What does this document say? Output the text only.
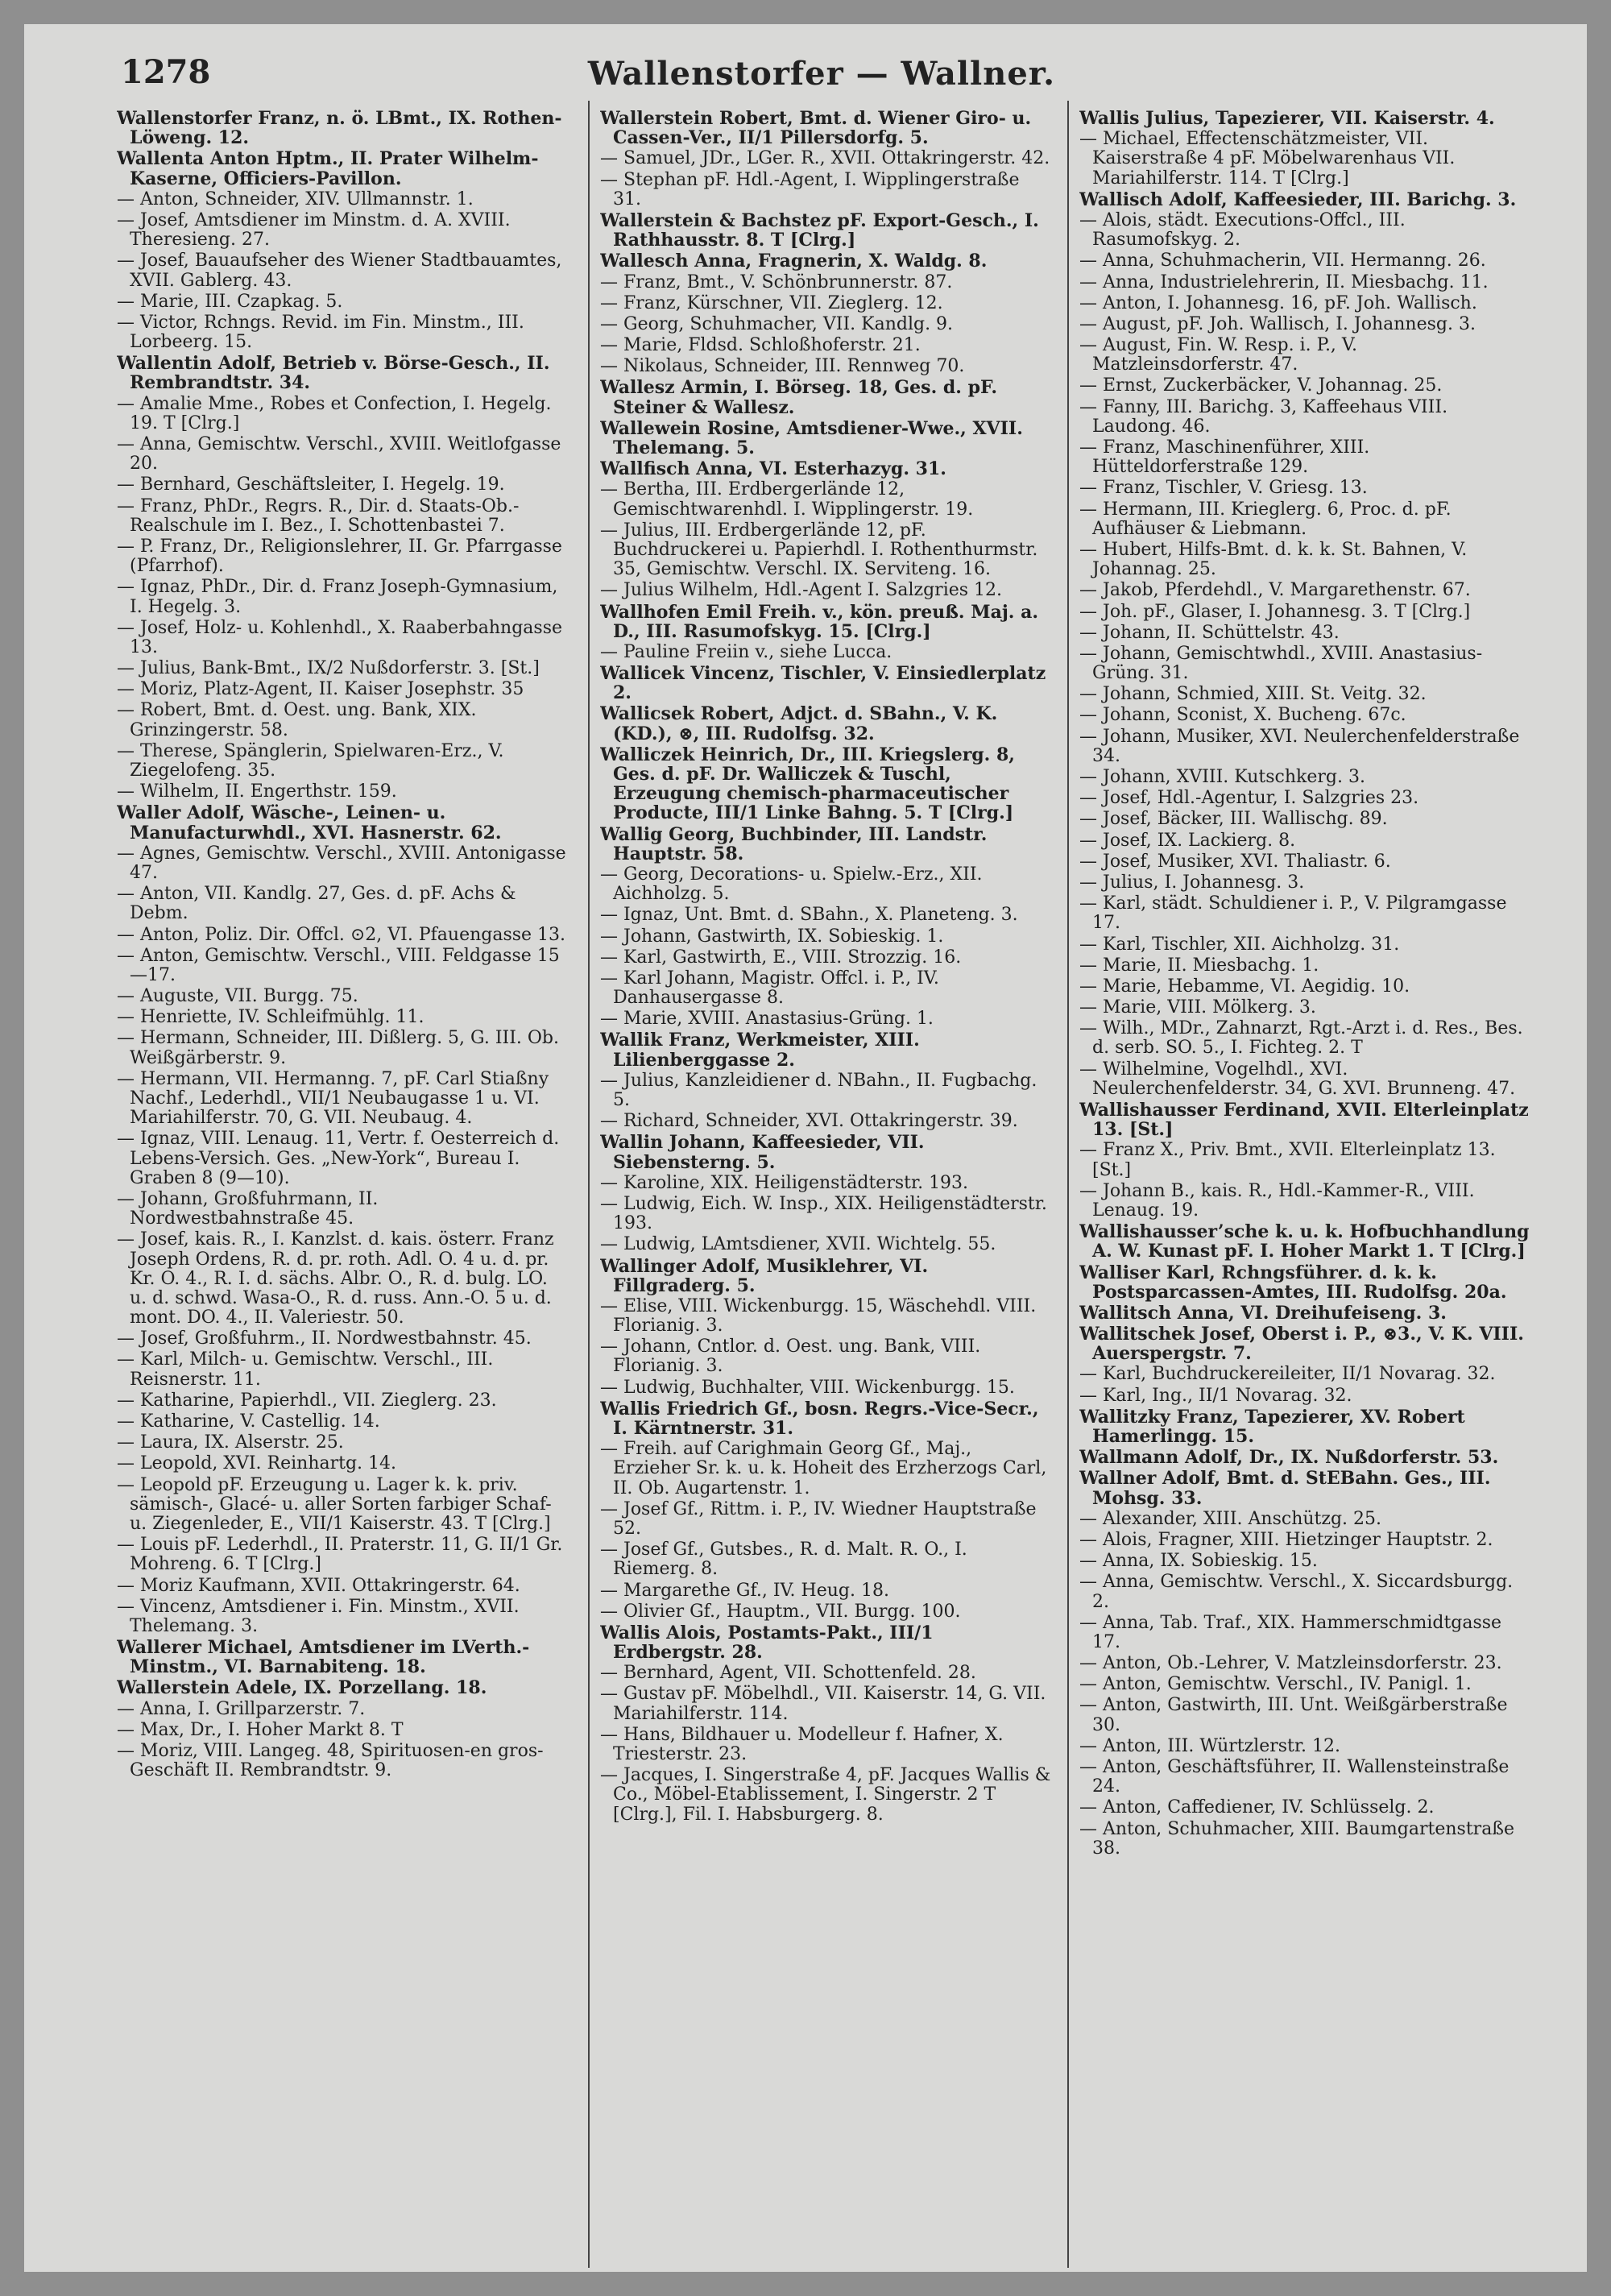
1278	Wallenstorfer — Wallner.
Wallenstorfer Franz, n. ö. LBmt., IX. Rothen-Löweng. 12.
Wallenta Anton Hptm., II. Prater Wilhelm-Kaserne, Officiers-Pavillon.
— Anton, Schneider, XIV. Ullmannstr. 1.
— Josef, Amtsdiener im Minstm. d. A. XVIII. Theresieng. 27.
— Josef, Bauaufseher des Wiener Stadtbauamtes, XVII. Gablerg. 43.
— Marie, III. Czapkag. 5.
— Victor, Rchngs. Revid. im Fin. Minstm., III. Lorbeerg. 15.
Wallentin Adolf, Betrieb v. Börse-Gesch., II. Rembrandtstr. 34.
— Amalie Mme., Robes et Confection, I. Hegelg. 19. T [Clrg.]
— Anna, Gemischtw. Verschl., XVIII. Weitlofgasse 20.
— Bernhard, Geschäftsleiter, I. Hegelg. 19.
— Franz, PhDr., Regrs. R., Dir. d. Staats-Ob.-Realschule im I. Bez., I. Schottenbastei 7.
— P. Franz, Dr., Religionslehrer, II. Gr. Pfarrgasse (Pfarrhof).
— Ignaz, PhDr., Dir. d. Franz Joseph-Gymnasium, I. Hegelg. 3.
— Josef, Holz- u. Kohlenhdl., X. Raaberbahngasse 13.
— Julius, Bank-Bmt., IX/2 Nußdorferstr. 3. [St.]
— Moriz, Platz-Agent, II. Kaiser Josephstr. 35
— Robert, Bmt. d. Oest. ung. Bank, XIX. Grinzingerstr. 58.
— Therese, Spänglerin, Spielwaren-Erz., V. Ziegelofeng. 35.
— Wilhelm, II. Engerthstr. 159.
Waller Adolf, Wäsche-, Leinen- u. Manufacturwhdl., XVI. Hasnerstr. 62.
— Agnes, Gemischtw. Verschl., XVIII. Antonigasse 47.
— Anton, VII. Kandlg. 27, Ges. d. pF. Achs & Debm.
— Anton, Poliz. Dir. Offcl. ⊙2, VI. Pfauengasse 13.
— Anton, Gemischtw. Verschl., VIII. Feldgasse 15—17.
— Auguste, VII. Burgg. 75.
— Henriette, IV. Schleifmühlg. 11.
— Hermann, Schneider, III. Dißlerg. 5, G. III. Ob. Weißgärberstr. 9.
— Hermann, VII. Hermanng. 7, pF. Carl Stiaßny Nachf., Lederhdl., VII/1 Neubaugasse 1 u. VI. Mariahilferstr. 70, G. VII. Neubaug. 4.
— Ignaz, VIII. Lenaug. 11, Vertr. f. Oesterreich d. Lebens-Versich. Ges. „New-York“, Bureau I. Graben 8 (9—10).
— Johann, Großfuhrmann, II. Nordwestbahnstraße 45.
— Josef, kais. R., I. Kanzlst. d. kais. österr. Franz Joseph Ordens, R. d. pr. roth. Adl. O. 4 u. d. pr. Kr. O. 4., R. I. d. sächs. Albr. O., R. d. bulg. LO. u. d. schwd. Wasa-O., R. d. russ. Ann.-O. 5 u. d. mont. DO. 4., II. Valeriestr. 50.
— Josef, Großfuhrm., II. Nordwestbahnstr. 45.
— Karl, Milch- u. Gemischtw. Verschl., III. Reisnerstr. 11.
— Katharine, Papierhdl., VII. Zieglerg. 23.
— Katharine, V. Castellig. 14.
— Laura, IX. Alserstr. 25.
— Leopold, XVI. Reinhartg. 14.
— Leopold pF. Erzeugung u. Lager k. k. priv. sämisch-, Glacé- u. aller Sorten farbiger Schaf- u. Ziegenleder, E., VII/1 Kaiserstr. 43. T [Clrg.]
— Louis pF. Lederhdl., II. Praterstr. 11, G. II/1 Gr. Mohreng. 6. T [Clrg.]
— Moriz Kaufmann, XVII. Ottakringerstr. 64.
— Vincenz, Amtsdiener i. Fin. Minstm., XVII. Thelemang. 3.
Wallerer Michael, Amtsdiener im LVerth.-Minstm., VI. Barnabiteng. 18.
Wallerstein Adele, IX. Porzellang. 18.
— Anna, I. Grillparzerstr. 7.
— Max, Dr., I. Hoher Markt 8. T
— Moriz, VIII. Langeg. 48, Spirituosen-en gros-Geschäft II. Rembrandtstr. 9.
Wallerstein Robert, Bmt. d. Wiener Giro- u. Cassen-Ver., II/1 Pillersdorfg. 5.
— Samuel, JDr., LGer. R., XVII. Ottakringerstr. 42.
— Stephan pF. Hdl.-Agent, I. Wipplingerstraße 31.
Wallerstein & Bachstez pF. Export-Gesch., I. Rathhausstr. 8. T [Clrg.]
Wallesch Anna, Fragnerin, X. Waldg. 8.
— Franz, Bmt., V. Schönbrunnerstr. 87.
— Franz, Kürschner, VII. Zieglerg. 12.
— Georg, Schuhmacher, VII. Kandlg. 9.
— Marie, Fldsd. Schloßhoferstr. 21.
— Nikolaus, Schneider, III. Rennweg 70.
Wallesz Armin, I. Börseg. 18, Ges. d. pF. Steiner & Wallesz.
Wallewein Rosine, Amtsdiener-Wwe., XVII. Thelemang. 5.
Wallfisch Anna, VI. Esterhazyg. 31.
— Bertha, III. Erdbergerlände 12, Gemischtwarenhdl. I. Wipplingerstr. 19.
— Julius, III. Erdbergerlände 12, pF. Buchdruckerei u. Papierhdl. I. Rothenthurmstr. 35, Gemischtw. Verschl. IX. Serviteng. 16.
— Julius Wilhelm, Hdl.-Agent I. Salzgries 12.
Wallhofen Emil Freih. v., kön. preuß. Maj. a. D., III. Rasumofskyg. 15. [Clrg.]
— Pauline Freiin v., siehe Lucca.
Wallicek Vincenz, Tischler, V. Einsiedlerplatz 2.
Wallicsek Robert, Adjct. d. SBahn., V. K. (KD.), ⊗, III. Rudolfsg. 32.
Walliczek Heinrich, Dr., III. Kriegslerg. 8, Ges. d. pF. Dr. Walliczek & Tuschl, Erzeugung chemisch-pharmaceutischer Producte, III/1 Linke Bahng. 5. T [Clrg.]
Wallig Georg, Buchbinder, III. Landstr. Hauptstr. 58.
— Georg, Decorations- u. Spielw.-Erz., XII. Aichholzg. 5.
— Ignaz, Unt. Bmt. d. SBahn., X. Planeteng. 3.
— Johann, Gastwirth, IX. Sobieskig. 1.
— Karl, Gastwirth, E., VIII. Strozzig. 16.
— Karl Johann, Magistr. Offcl. i. P., IV. Danhausergasse 8.
— Marie, XVIII. Anastasius-Grüng. 1.
Wallik Franz, Werkmeister, XIII. Lilienberggasse 2.
— Julius, Kanzleidiener d. NBahn., II. Fugbachg. 5.
— Richard, Schneider, XVI. Ottakringerstr. 39.
Wallin Johann, Kaffeesieder, VII. Siebensterng. 5.
— Karoline, XIX. Heiligenstädterstr. 193.
— Ludwig, Eich. W. Insp., XIX. Heiligenstädterstr. 193.
— Ludwig, LAmtsdiener, XVII. Wichtelg. 55.
Wallinger Adolf, Musiklehrer, VI. Fillgraderg. 5.
— Elise, VIII. Wickenburgg. 15, Wäschehdl. VIII. Florianig. 3.
— Johann, Cntlor. d. Oest. ung. Bank, VIII. Florianig. 3.
— Ludwig, Buchhalter, VIII. Wickenburgg. 15.
Wallis Friedrich Gf., bosn. Regrs.-Vice-Secr., I. Kärntnerstr. 31.
— Freih. auf Carighmain Georg Gf., Maj., Erzieher Sr. k. u. k. Hoheit des Erzherzogs Carl, II. Ob. Augartenstr. 1.
— Josef Gf., Rittm. i. P., IV. Wiedner Hauptstraße 52.
— Josef Gf., Gutsbes., R. d. Malt. R. O., I. Riemerg. 8.
— Margarethe Gf., IV. Heug. 18.
— Olivier Gf., Hauptm., VII. Burgg. 100.
Wallis Alois, Postamts-Pakt., III/1 Erdbergstr. 28.
— Bernhard, Agent, VII. Schottenfeld. 28.
— Gustav pF. Möbelhdl., VII. Kaiserstr. 14, G. VII. Mariahilferstr. 114.
— Hans, Bildhauer u. Modelleur f. Hafner, X. Triesterstr. 23.
— Jacques, I. Singerstraße 4, pF. Jacques Wallis & Co., Möbel-Etablissement, I. Singerstr. 2 T [Clrg.], Fil. I. Habsburgerg. 8.
Wallis Julius, Tapezierer, VII. Kaiserstr. 4.
— Michael, Effectenschätzmeister, VII. Kaiserstraße 4 pF. Möbelwarenhaus VII. Mariahilferstr. 114. T [Clrg.]
Wallisch Adolf, Kaffeesieder, III. Barichg. 3.
— Alois, städt. Executions-Offcl., III. Rasumofskyg. 2.
— Anna, Schuhmacherin, VII. Hermanng. 26.
— Anna, Industrielehrerin, II. Miesbachg. 11.
— Anton, I. Johannesg. 16, pF. Joh. Wallisch.
— August, pF. Joh. Wallisch, I. Johannesg. 3.
— August, Fin. W. Resp. i. P., V. Matzleinsdorferstr. 47.
— Ernst, Zuckerbäcker, V. Johannag. 25.
— Fanny, III. Barichg. 3, Kaffeehaus VIII. Laudong. 46.
— Franz, Maschinenführer, XIII. Hütteldorferstraße 129.
— Franz, Tischler, V. Griesg. 13.
— Hermann, III. Krieglerg. 6, Proc. d. pF. Aufhäuser & Liebmann.
— Hubert, Hilfs-Bmt. d. k. k. St. Bahnen, V. Johannag. 25.
— Jakob, Pferdehdl., V. Margarethenstr. 67.
— Joh. pF., Glaser, I. Johannesg. 3. T [Clrg.]
— Johann, II. Schüttelstr. 43.
— Johann, Gemischtwhdl., XVIII. Anastasius-Grüng. 31.
— Johann, Schmied, XIII. St. Veitg. 32.
— Johann, Sconist, X. Bucheng. 67c.
— Johann, Musiker, XVI. Neulerchenfelderstraße 34.
— Johann, XVIII. Kutschkerg. 3.
— Josef, Hdl.-Agentur, I. Salzgries 23.
— Josef, Bäcker, III. Wallischg. 89.
— Josef, IX. Lackierg. 8.
— Josef, Musiker, XVI. Thaliastr. 6.
— Julius, I. Johannesg. 3.
— Karl, städt. Schuldiener i. P., V. Pilgramgasse 17.
— Karl, Tischler, XII. Aichholzg. 31.
— Marie, II. Miesbachg. 1.
— Marie, Hebamme, VI. Aegidig. 10.
— Marie, VIII. Mölkerg. 3.
— Wilh., MDr., Zahnarzt, Rgt.-Arzt i. d. Res., Bes. d. serb. SO. 5., I. Fichteg. 2. T
— Wilhelmine, Vogelhdl., XVI. Neulerchenfelderstr. 34, G. XVI. Brunneng. 47.
Wallishausser Ferdinand, XVII. Elterleinplatz 13. [St.]
— Franz X., Priv. Bmt., XVII. Elterleinplatz 13. [St.]
— Johann B., kais. R., Hdl.-Kammer-R., VIII. Lenaug. 19.
Wallishausser’sche k. u. k. Hofbuchhandlung A. W. Kunast pF. I. Hoher Markt 1. T [Clrg.]
Walliser Karl, Rchngsführer. d. k. k. Postsparcassen-Amtes, III. Rudolfsg. 20a.
Wallitsch Anna, VI. Dreihufeiseng. 3.
Wallitschek Josef, Oberst i. P., ⊗3., V. K. VIII. Auerspergstr. 7.
— Karl, Buchdruckereileiter, II/1 Novarag. 32.
— Karl, Ing., II/1 Novarag. 32.
Wallitzky Franz, Tapezierer, XV. Robert Hamerlingg. 15.
Wallmann Adolf, Dr., IX. Nußdorferstr. 53.
Wallner Adolf, Bmt. d. StEBahn. Ges., III. Mohsg. 33.
— Alexander, XIII. Anschützg. 25.
— Alois, Fragner, XIII. Hietzinger Hauptstr. 2.
— Anna, IX. Sobieskig. 15.
— Anna, Gemischtw. Verschl., X. Siccardsburgg. 2.
— Anna, Tab. Traf., XIX. Hammerschmidtgasse 17.
— Anton, Ob.-Lehrer, V. Matzleinsdorferstr. 23.
— Anton, Gemischtw. Verschl., IV. Panigl. 1.
— Anton, Gastwirth, III. Unt. Weißgärberstraße 30.
— Anton, III. Würtzlerstr. 12.
— Anton, Geschäftsführer, II. Wallensteinstraße 24.
— Anton, Caffediener, IV. Schlüsselg. 2.
— Anton, Schuhmacher, XIII. Baumgartenstraße 38.
